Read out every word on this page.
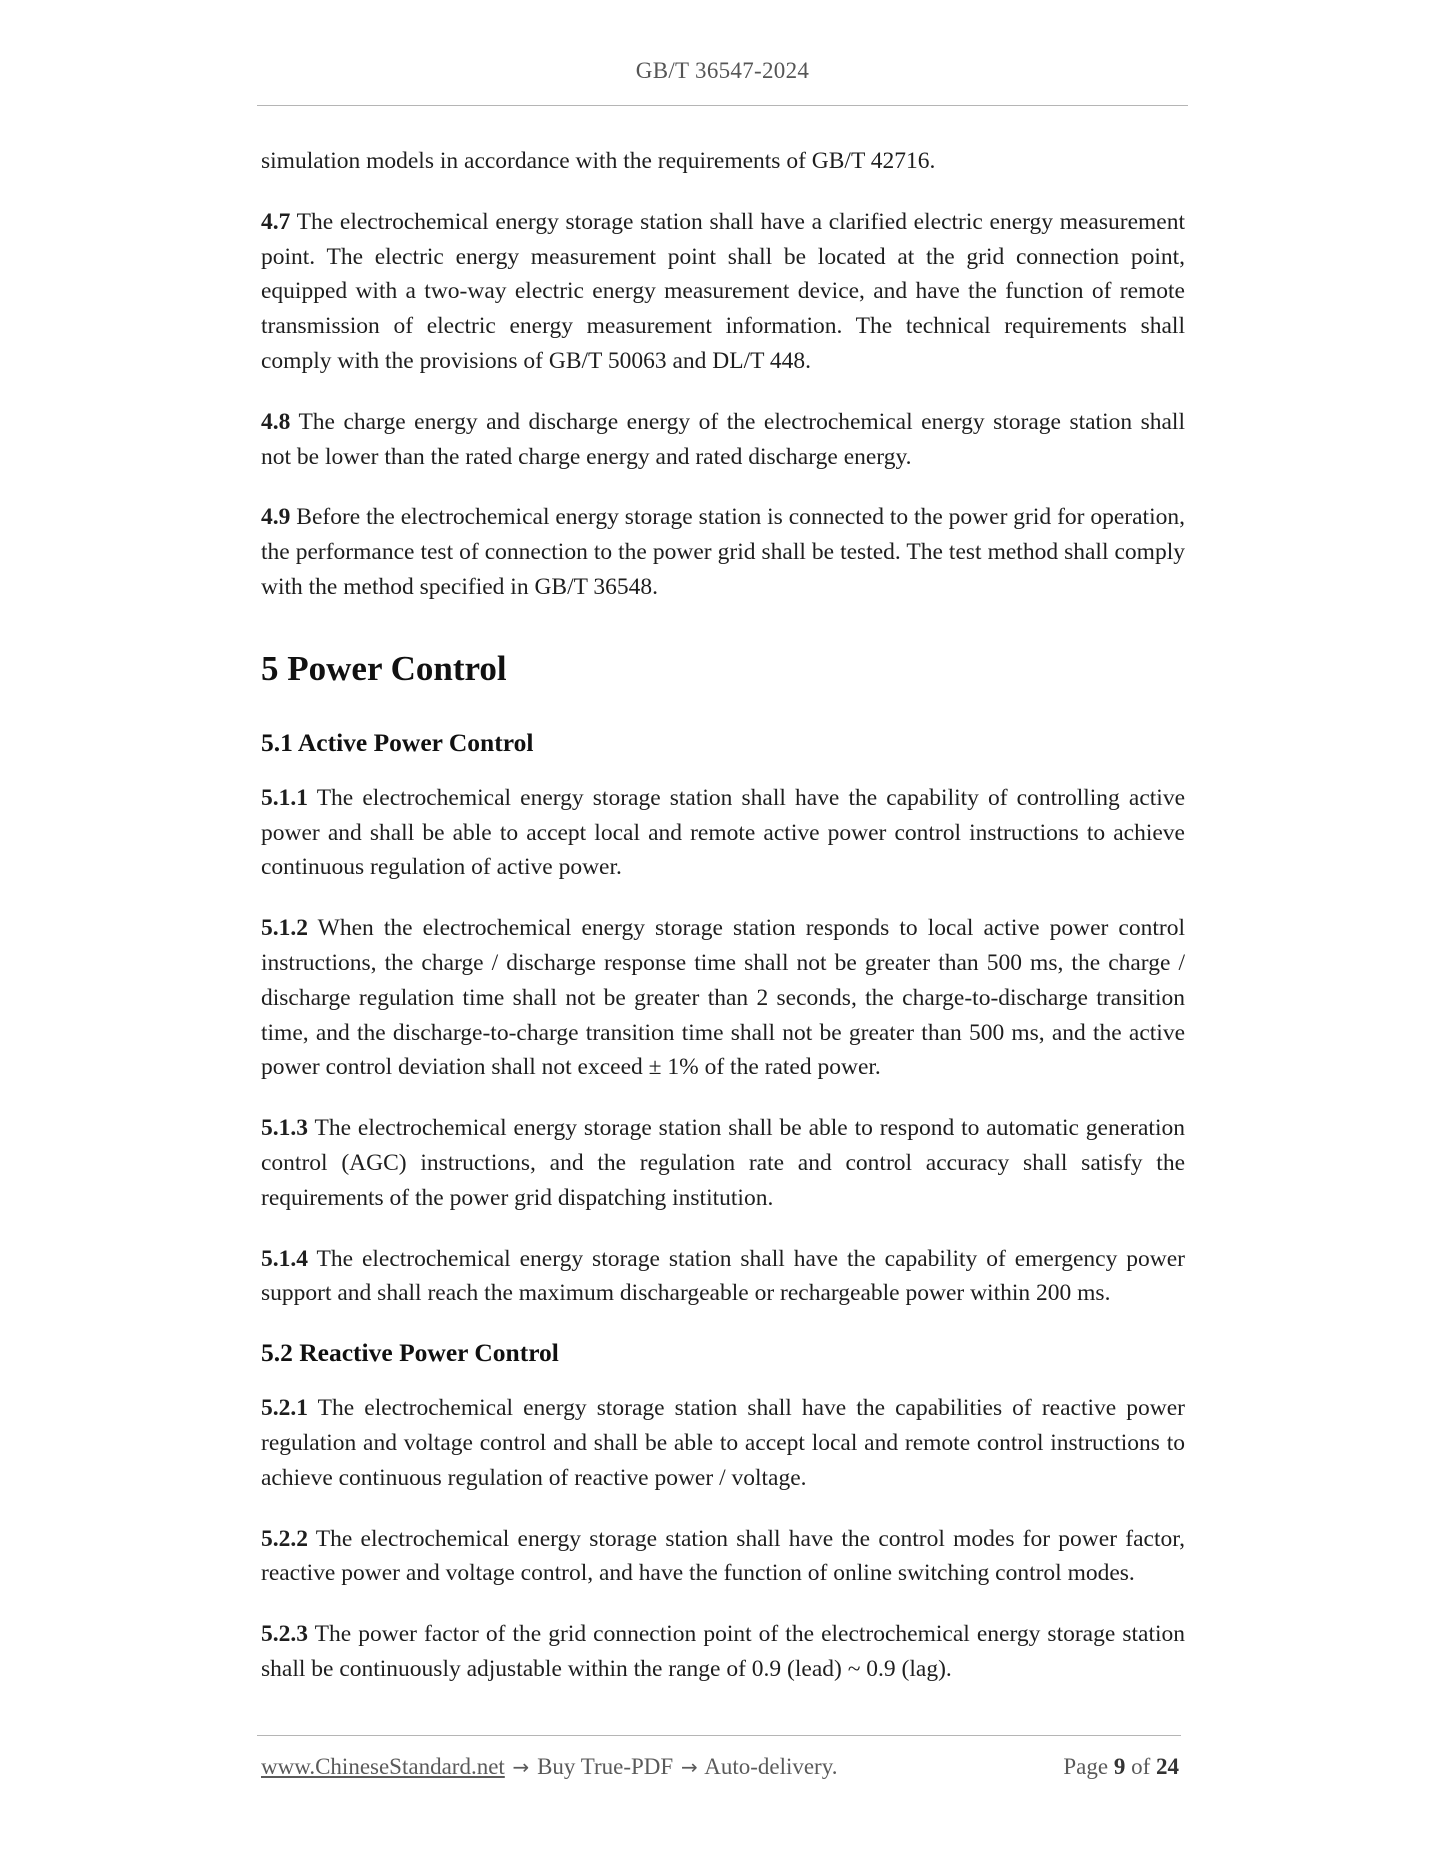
GB/T 36547-2024

simulation models in accordance with the requirements of GB/T 42716.

4.7 The electrochemical energy storage station shall have a clarified electric energy measurement point. The electric energy measurement point shall be located at the grid connection point, equipped with a two-way electric energy measurement device, and have the function of remote transmission of electric energy measurement information. The technical requirements shall comply with the provisions of GB/T 50063 and DL/T 448.

4.8 The charge energy and discharge energy of the electrochemical energy storage station shall not be lower than the rated charge energy and rated discharge energy.

4.9 Before the electrochemical energy storage station is connected to the power grid for operation, the performance test of connection to the power grid shall be tested. The test method shall comply with the method specified in GB/T 36548.

5 Power Control
5.1 Active Power Control

5.1.1 The electrochemical energy storage station shall have the capability of controlling active power and shall be able to accept local and remote active power control instructions to achieve continuous regulation of active power.

5.1.2 When the electrochemical energy storage station responds to local active power control instructions, the charge / discharge response time shall not be greater than 500 ms, the charge / discharge regulation time shall not be greater than 2 seconds, the charge-to-discharge transition time, and the discharge-to-charge transition time shall not be greater than 500 ms, and the active power control deviation shall not exceed ± 1% of the rated power.

5.1.3 The electrochemical energy storage station shall be able to respond to automatic generation control (AGC) instructions, and the regulation rate and control accuracy shall satisfy the requirements of the power grid dispatching institution.

5.1.4 The electrochemical energy storage station shall have the capability of emergency power support and shall reach the maximum dischargeable or rechargeable power within 200 ms.

5.2 Reactive Power Control

5.2.1 The electrochemical energy storage station shall have the capabilities of reactive power regulation and voltage control and shall be able to accept local and remote control instructions to achieve continuous regulation of reactive power / voltage.

5.2.2 The electrochemical energy storage station shall have the control modes for power factor, reactive power and voltage control, and have the function of online switching control modes.

5.2.3 The power factor of the grid connection point of the electrochemical energy storage station shall be continuously adjustable within the range of 0.9 (lead) ~ 0.9 (lag).

www.ChineseStandard.net → Buy True-PDF → Auto-delivery.	Page 9 of 24
